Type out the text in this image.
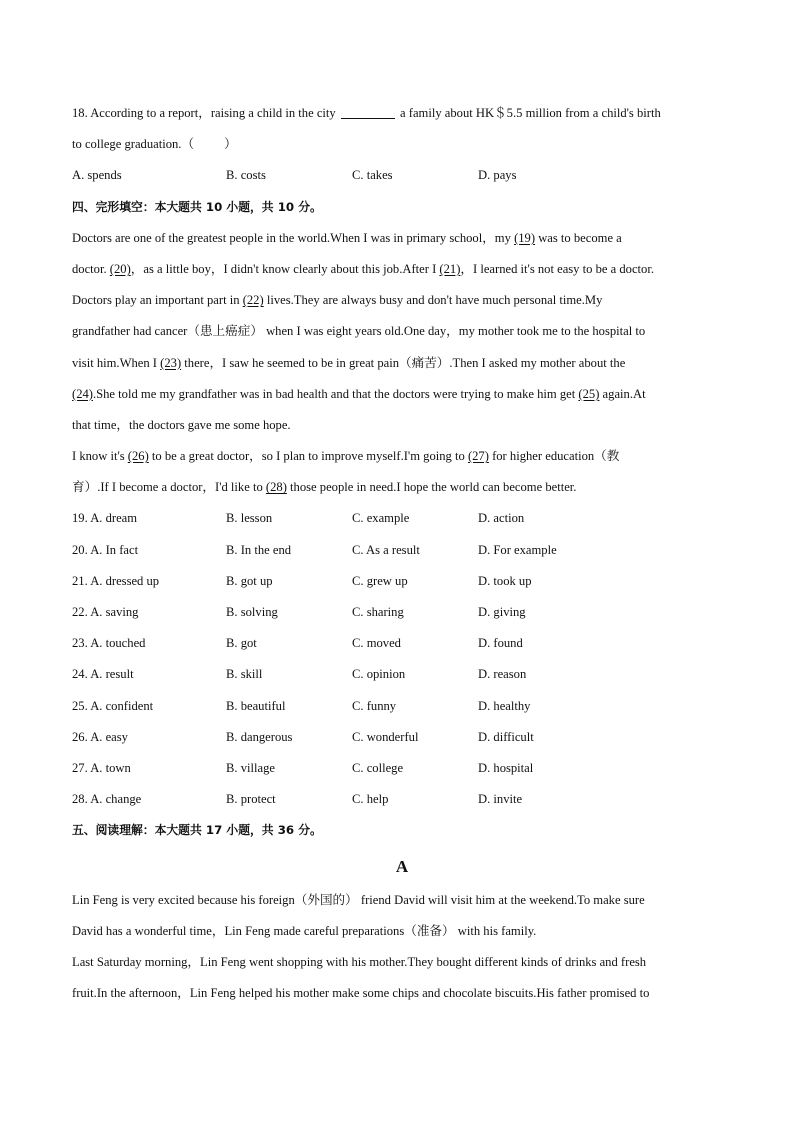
18. According to a report，raising a child in the city	a family about HK＄5.5 million from a child's birth
to college graduation.（ ）
A. spends	B. costs	C. takes	D. pays
四、完形填空：本大题共 10 小题，共 10 分。
Doctors are one of the greatest people in the world.When I was in primary school，my (19) was to become a
doctor. (20)，as a little boy，I didn't know clearly about this job.After I (21)，I learned it's not easy to be a doctor.
Doctors play an important part in (22) lives.They are always busy and don't have much personal time.My
grandfather had cancer（患上癌症） when I was eight years old.One day，my mother took me to the hospital to
visit him.When I (23) there，I saw he seemed to be in great pain（痛苦）.Then I asked my mother about the
(24).She told me my grandfather was in bad health and that the doctors were trying to make him get (25) again.At
that time，the doctors gave me some hope.
I know it's (26) to be a great doctor，so I plan to improve myself.I'm going to (27) for higher education（教
育）.If I become a doctor，I'd like to (28) those people in need.I hope the world can become better.
19. A. dream	B. lesson	C. example	D. action
20. A. In fact	B. In the end	C. As a result	D. For example
21. A. dressed up	B. got up	C. grew up	D. took up
22. A. saving	B. solving	C. sharing	D. giving
23. A. touched	B. got	C. moved	D. found
24. A. result	B. skill	C. opinion	D. reason
25. A. confident	B. beautiful	C. funny	D. healthy
26. A. easy	B. dangerous	C. wonderful	D. difficult
27. A. town	B. village	C. college	D. hospital
28. A. change	B. protect	C. help	D. invite
五、阅读理解：本大题共 17 小题，共 36 分。
A
Lin Feng is very excited because his foreign（外国的） friend David will visit him at the weekend.To make sure
David has a wonderful time，Lin Feng made careful preparations（准备） with his family.
Last Saturday morning，Lin Feng went shopping with his mother.They bought different kinds of drinks and fresh
fruit.In the afternoon，Lin Feng helped his mother make some chips and chocolate biscuits.His father promised to
